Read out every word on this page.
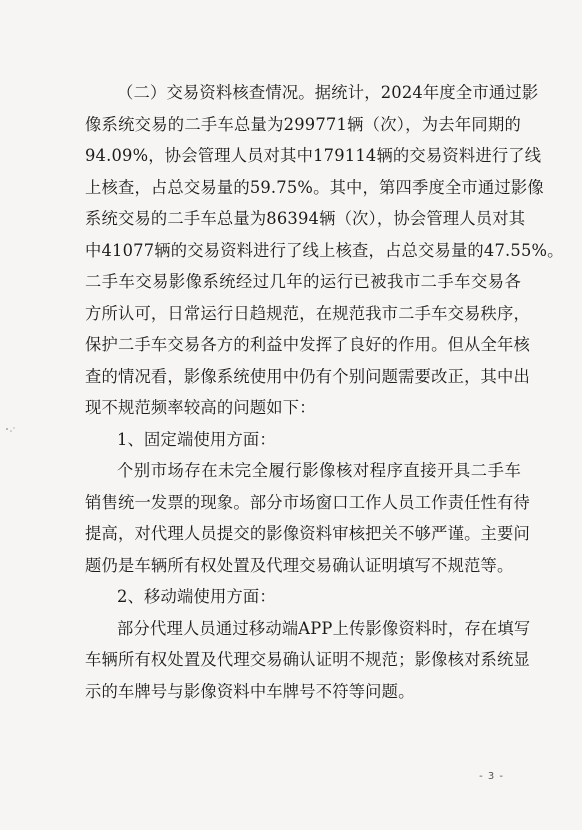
（二）交易资料核查情况。据统计，2024年度全市通过影
像系统交易的二手车总量为299771辆（次），为去年同期的
94.09%，协会管理人员对其中179114辆的交易资料进行了线
上核查，占总交易量的59.75%。其中，第四季度全市通过影像
系统交易的二手车总量为86394辆（次），协会管理人员对其
中41077辆的交易资料进行了线上核查，占总交易量的47.55%。
二手车交易影像系统经过几年的运行已被我市二手车交易各
方所认可，日常运行日趋规范，在规范我市二手车交易秩序，
保护二手车交易各方的利益中发挥了良好的作用。但从全年核
查的情况看，影像系统使用中仍有个别问题需要改正，其中出
现不规范频率较高的问题如下：
1、固定端使用方面：
个别市场存在未完全履行影像核对程序直接开具二手车
销售统一发票的现象。部分市场窗口工作人员工作责任性有待
提高，对代理人员提交的影像资料审核把关不够严谨。主要问
题仍是车辆所有权处置及代理交易确认证明填写不规范等。
2、移动端使用方面：
部分代理人员通过移动端APP上传影像资料时，存在填写
车辆所有权处置及代理交易确认证明不规范；影像核对系统显
示的车牌号与影像资料中车牌号不符等问题。
- 3 -
